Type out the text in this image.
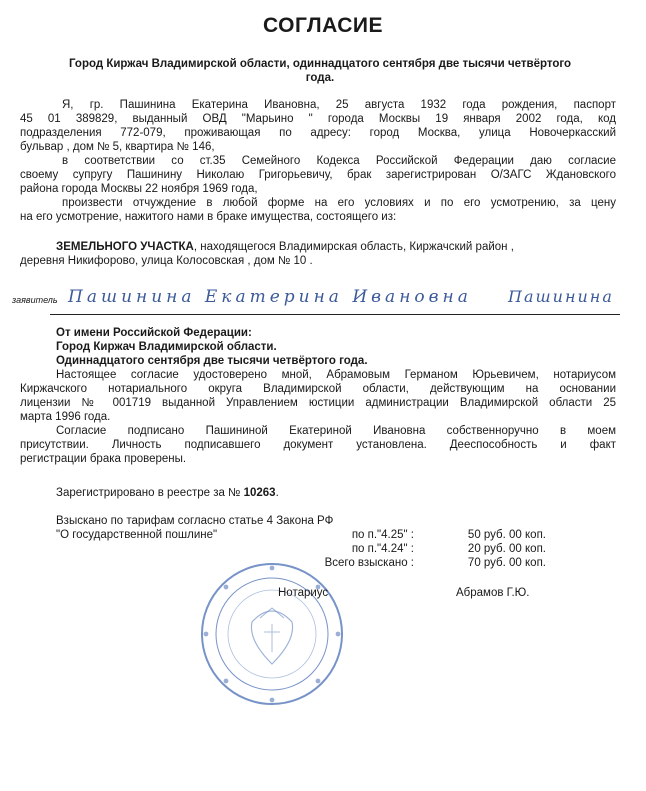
СОГЛАСИЕ
Город Киржач Владимирской области, одиннадцатого сентября две тысячи четвёртого
года.
Я, гр. Пашинина Екатерина Ивановна, 25 августа 1932 года рождения, паспорт
45 01 389829, выданный ОВД "Марьино " города Москвы 19 января 2002 года, код
подразделения 772-079, проживающая по адресу: город Москва, улица Новочеркасский
бульвар , дом № 5, квартира № 146,
в соответствии со ст.35 Семейного Кодекса Российской Федерации даю согласие
своему супругу Пашинину Николаю Григорьевичу, брак зарегистрирован О/ЗАГС Ждановского
района города Москвы 22 ноября 1969 года,
произвести отчуждение в любой форме на его условиях и по его усмотрению, за цену
на его усмотрение, нажитого нами в браке имущества, состоящего из:
ЗЕМЕЛЬНОГО УЧАСТКА, находящегося Владимирская область, Киржачский район ,
деревня Никифорово, улица Колосовская , дом № 10 .
заявитель Пашинина Екатерина Ивановна Пашинина
От имени Российской Федерации:
Город Киржач Владимирской области.
Одиннадцатого сентября две тысячи четвёртого года.
Настоящее согласие удостоверено мной, Абрамовым Германом Юрьевичем, нотариусом
Киржачского нотариального округа Владимирской области, действующим на основании
лицензии № 001719 выданной Управлением юстиции администрации Владимирской области 25
марта 1996 года.
Согласие подписано Пашининой Екатериной Ивановна собственноручно в моем
присутствии. Личность подписавшего документ установлена. Дееспособность и факт
регистрации брака проверены.
Зарегистрировано в реестре за № 10263.
Взыскано по тарифам согласно статье 4 Закона РФ
"О государственной пошлине"	по п."4.25" :	50 руб. 00 коп.
по п."4.24" :	20 руб. 00 коп.
Всего взыскано :	70 руб. 00 коп.
Нотариус	Абрамов Г.Ю.
